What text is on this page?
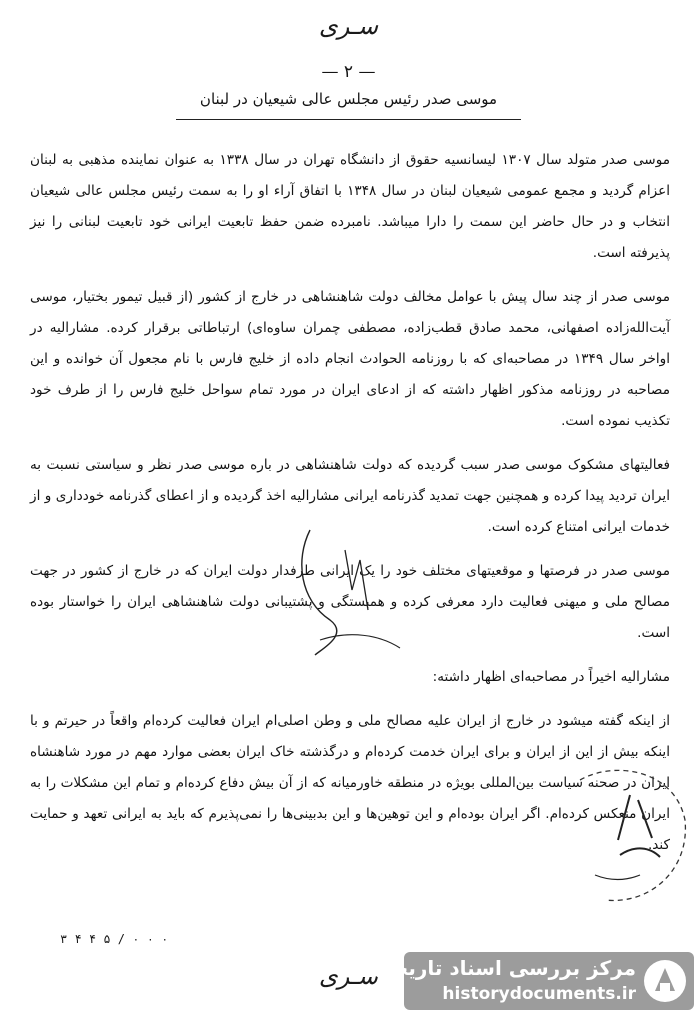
سـری
— ۲ —
موسی صدر رئیس مجلس عالی شیعیان در لبنان

موسی صدر متولد سال ۱۳۰۷ لیسانسیه حقوق از دانشگاه تهران در سال ۱۳۳۸ به عنوان نماینده مذهبی به لبنان اعزام گردید و مجمع عمومی شیعیان لبنان در سال ۱۳۴۸ با اتفاق آراء او را به سمت رئیس مجلس عالی شیعیان انتخاب و در حال حاضر این سمت را دارا میباشد. نامبرده ضمن حفظ تابعیت ایرانی خود تابعیت لبنانی را نیز پذیرفته است.

موسی صدر از چند سال پیش با عوامل مخالف دولت شاهنشاهی در خارج از کشور (از قبیل تیمور بختیار، موسی آیت‌الله‌زاده اصفهانی، محمد صادق قطب‌زاده، مصطفی چمران ساوه‌ای) ارتباطاتی برقرار کرده. مشارالیه در اواخر سال ۱۳۴۹ در مصاحبه‌ای که با روزنامه الحوادث انجام داده از خلیج فارس با نام مجعول آن خوانده و این مصاحبه در روزنامه مذکور اظهار داشته که از ادعای ایران در مورد تمام سواحل خلیج فارس را از طرف خود تکذیب نموده است.

فعالیتهای مشکوک موسی صدر سبب گردیده که دولت شاهنشاهی در باره موسی صدر نظر و سیاستی نسبت به ایران تردید پیدا کرده و همچنین جهت تمدید گذرنامه ایرانی مشارالیه اخذ گردیده و از اعطای گذرنامه خودداری و از خدمات ایرانی امتناع کرده است.

موسی صدر در فرصتها و موقعیتهای مختلف خود را یک ایرانی طرفدار دولت ایران که در خارج از کشور در جهت مصالح ملی و میهنی فعالیت دارد معرفی کرده و همبستگی و پشتیبانی دولت شاهنشاهی ایران را خواستار بوده است.

مشارالیه اخیراً در مصاحبه‌ای اظهار داشته:

از اینکه گفته میشود در خارج از ایران علیه مصالح ملی و وطن اصلی‌ام ایران فعالیت کرده‌ام واقعاً در حیرتم و با اینکه بیش از این از ایران و برای ایران خدمت کرده‌ام و درگذشته خاک ایران بعضی موارد مهم در مورد شاهنشاه ایران در صحنه سیاست بین‌المللی بویژه در منطقه خاورمیانه که از آن بیش دفاع کرده‌ام و تمام این مشکلات را به ایران منعکس کرده‌ام. اگر ایران بوده‌ام و این توهین‌ها و این بدبینی‌ها را نمی‌پذیرم که باید به ایرانی تعهد و حمایت کند.

۳ ۴ ۴ ۵ / ۰ ۰ ۰
سـری
مرکز بررسی اسناد تاریخی
historydocuments.ir
